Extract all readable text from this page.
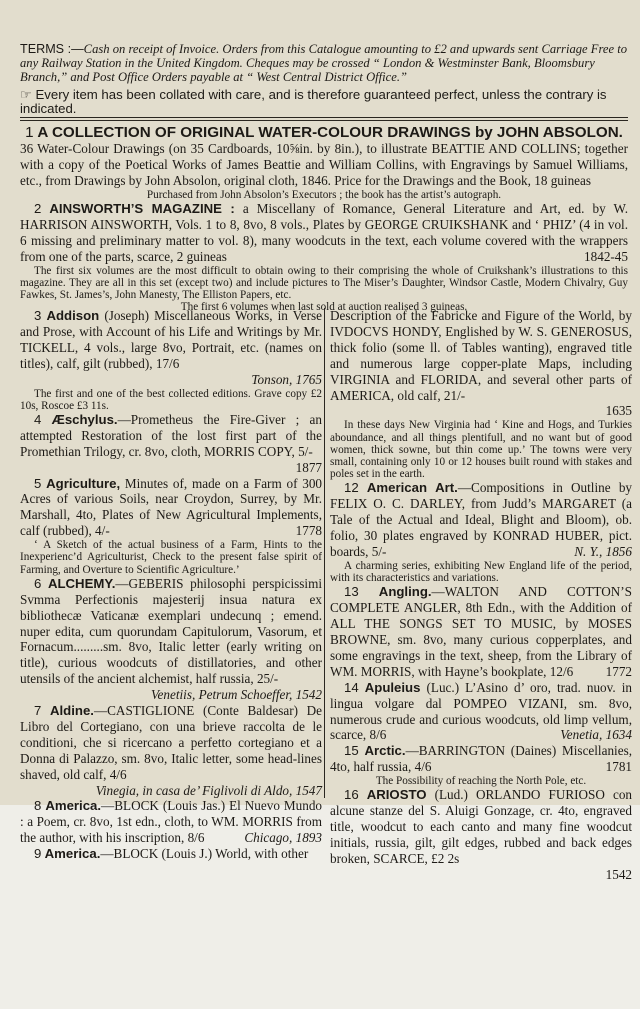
TERMS :—Cash on receipt of Invoice. Orders from this Catalogue amounting to £2 and upwards sent Carriage Free to any Railway Station in the United Kingdom. Cheques may be crossed “ London & Westminster Bank, Bloomsbury Branch,” and Post Office Orders payable at “ West Central District Office.”

☞ Every item has been collated with care, and is therefore guaranteed perfect, unless the contrary is indicated.

1 A COLLECTION OF ORIGINAL WATER-COLOUR DRAWINGS by JOHN ABSOLON.

36 Water-Colour Drawings (on 35 Cardboards, 10⅝in. by 8in.), to illustrate BEATTIE AND COLLINS; together with a copy of the Poetical Works of James Beattie and William Collins, with Engravings by Samuel Williams, etc., from Drawings by John Absolon, original cloth, 1846. Price for the Drawings and the Book, 18 guineas

Purchased from John Absolon’s Executors ; the book has the artist’s autograph.

2 AINSWORTH’S MAGAZINE : a Miscellany of Romance, General Literature and Art, ed. by W. HARRISON AINSWORTH, Vols. 1 to 8, 8vo, 8 vols., Plates by GEORGE CRUIKSHANK and ‘ PHIZ’ (4 in vol. 6 missing and preliminary matter to vol. 8), many woodcuts in the text, each volume covered with the wrappers from one of the parts, scarce, 2 guineas	1842-45

The first six volumes are the most difficult to obtain owing to their comprising the whole of Cruikshank’s illustrations to this magazine. They are all in this set (except two) and include pictures to The Miser’s Daughter, Windsor Castle, Modern Chivalry, Guy Fawkes, St. James’s, John Manesty, The Elliston Papers, etc.

The first 6 volumes when last sold at auction realised 3 guineas.

3 Addison (Joseph) Miscellaneous Works, in Verse and Prose, with Account of his Life and Writings by Mr. TICKELL, 4 vols., large 8vo, Portrait, etc. (names on titles), calf, gilt (rubbed), 17/6

Tonson, 1765

The first and one of the best collected editions. Grave copy £2 10s, Roscoe £3 11s.

4 Æschylus.—Prometheus the Fire-Giver ; an attempted Restoration of the lost first part of the Promethian Trilogy, cr. 8vo, cloth, MORRIS COPY, 5/-

1877

5 Agriculture, Minutes of, made on a Farm of 300 Acres of various Soils, near Croydon, Surrey, by Mr. Marshall, 4to, Plates of New Agricultural Implements, calf (rubbed), 4/-	1778

‘ A Sketch of the actual business of a Farm, Hints to the Inexperienc’d Agriculturist, Check to the present false spirit of Farming, and Overture to Scientific Agriculture.’

6 ALCHEMY.—GEBERIS philosophi perspicissimi Svmma Perfectionis majesterij insua natura ex bibliothecæ Vaticanæ exemplari undecunq ; emend. nuper edita, cum quorundam Capitulorum, Vasorum, et Fornacum.........sm. 8vo, Italic letter (early writing on title), curious woodcuts of distillatories, and other utensils of the ancient alchemist, half russia, 25/-

Venetiis, Petrum Schoeffer, 1542

7 Aldine.—CASTIGLIONE (Conte Baldesar) De Libro del Cortegiano, con una brieve raccolta de le conditioni, che si ricercano a perfetto cortegiano et a Donna di Palazzo, sm. 8vo, Italic letter, some head-lines shaved, old calf, 4/6

Vinegia, in casa de’ Figlivoli di Aldo, 1547

8 America.—BLOCK (Louis Jas.) El Nuevo Mundo : a Poem, cr. 8vo, 1st edn., cloth, to WM. MORRIS from the author, with his inscription, 8/6	Chicago, 1893

9 America.—BLOCK (Louis J.) World, with other

Description of the Fabricke and Figure of the World, by IVDOCVS HONDY, Englished by W. S. GENEROSUS, thick folio (some ll. of Tables wanting), engraved title and numerous large copper-plate Maps, including VIRGINIA and FLORIDA, and several other parts of AMERICA, old calf, 21/-

1635

In these days New Virginia had ‘ Kine and Hogs, and Turkies aboundance, and all things plentifull, and no want but of good women, thick sowne, but thin come up.’ The towns were very small, containing only 10 or 12 houses built round with stakes and poles set in the earth.

12 American Art.—Compositions in Outline by FELIX O. C. DARLEY, from Judd’s MARGARET (a Tale of the Actual and Ideal, Blight and Bloom), ob. folio, 30 plates engraved by KONRAD HUBER, pict. boards, 5/-	N. Y., 1856

A charming series, exhibiting New England life of the period, with its characteristics and variations.

13 Angling.—WALTON AND COTTON’S COMPLETE ANGLER, 8th Edn., with the Addition of ALL THE SONGS SET TO MUSIC, by MOSES BROWNE, sm. 8vo, many curious copperplates, and some engravings in the text, sheep, from the Library of WM. MORRIS, with Hayne’s bookplate, 12/6	1772

14 Apuleius (Luc.) L’Asino d’ oro, trad. nuov. in lingua volgare dal POMPEO VIZANI, sm. 8vo, numerous crude and curious woodcuts, old limp vellum, scarce, 8/6	Venetia, 1634

15 Arctic.—BARRINGTON (Daines) Miscellanies, 4to, half russia, 4/6	1781

The Possibility of reaching the North Pole, etc.

16 ARIOSTO (Lud.) ORLANDO FURIOSO con alcune stanze del S. Aluigi Gonzage, cr. 4to, engraved title, woodcut to each canto and many fine woodcut initials, russia, gilt, gilt edges, rubbed and back edges broken, SCARCE, £2 2s

1542
